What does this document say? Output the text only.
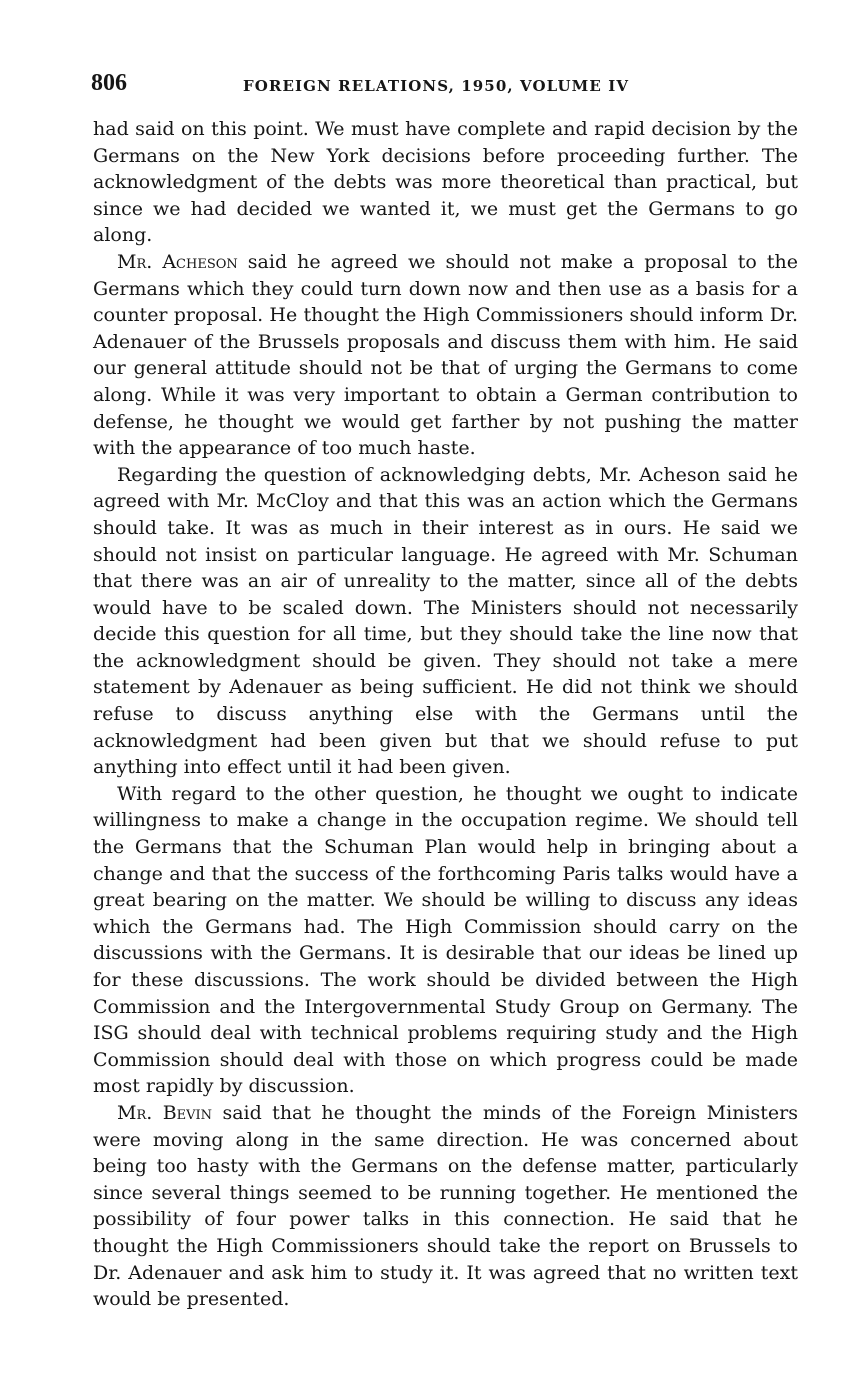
806	FOREIGN RELATIONS, 1950, VOLUME IV

had said on this point. We must have complete and rapid decision by the Germans on the New York decisions before proceeding further. The acknowledgment of the debts was more theoretical than practical, but since we had decided we wanted it, we must get the Germans to go along.

Mr. Acheson said he agreed we should not make a proposal to the Germans which they could turn down now and then use as a basis for a counter proposal. He thought the High Commissioners should inform Dr. Adenauer of the Brussels proposals and discuss them with him. He said our general attitude should not be that of urging the Germans to come along. While it was very important to obtain a German contribution to defense, he thought we would get farther by not pushing the matter with the appearance of too much haste.

Regarding the question of acknowledging debts, Mr. Acheson said he agreed with Mr. McCloy and that this was an action which the Germans should take. It was as much in their interest as in ours. He said we should not insist on particular language. He agreed with Mr. Schuman that there was an air of unreality to the matter, since all of the debts would have to be scaled down. The Ministers should not necessarily decide this question for all time, but they should take the line now that the acknowledgment should be given. They should not take a mere statement by Adenauer as being sufficient. He did not think we should refuse to discuss anything else with the Germans until the acknowledgment had been given but that we should refuse to put anything into effect until it had been given.

With regard to the other question, he thought we ought to indicate willingness to make a change in the occupation regime. We should tell the Germans that the Schuman Plan would help in bringing about a change and that the success of the forthcoming Paris talks would have a great bearing on the matter. We should be willing to discuss any ideas which the Germans had. The High Commission should carry on the discussions with the Germans. It is desirable that our ideas be lined up for these discussions. The work should be divided between the High Commission and the Intergovernmental Study Group on Germany. The ISG should deal with technical problems requiring study and the High Commission should deal with those on which progress could be made most rapidly by discussion.

Mr. Bevin said that he thought the minds of the Foreign Ministers were moving along in the same direction. He was concerned about being too hasty with the Germans on the defense matter, particularly since several things seemed to be running together. He mentioned the possibility of four power talks in this connection. He said that he thought the High Commissioners should take the report on Brussels to Dr. Adenauer and ask him to study it. It was agreed that no written text would be presented.
